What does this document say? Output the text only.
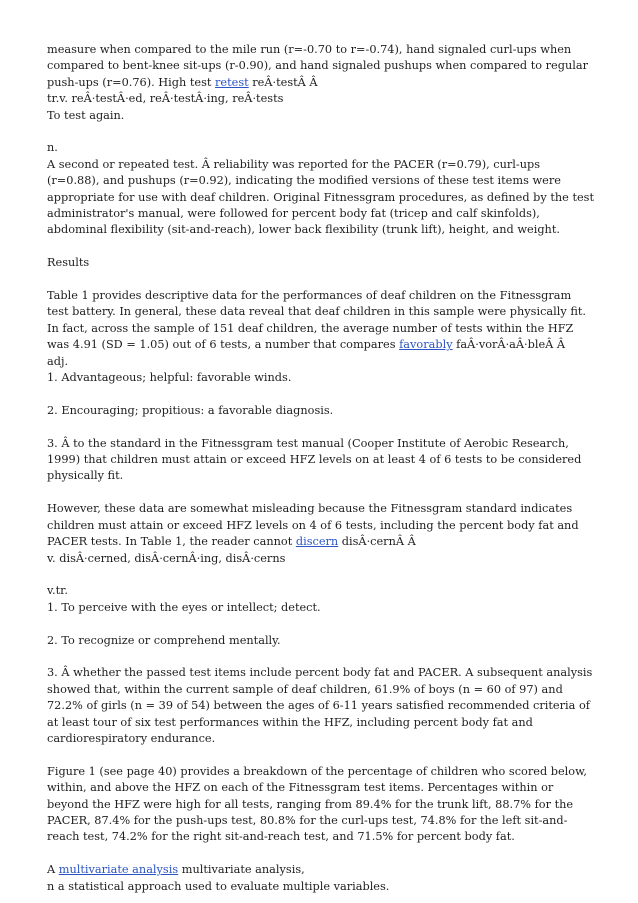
measure when compared to the mile run (r=-0.70 to r=-0.74), hand signaled curl-ups when compared to bent-knee sit-ups (r-0.90), and hand signaled pushups when compared to regular push-ups (r=0.76). High test retest reÂ·testÂ Â

tr.v. reÂ·testÂ·ed, reÂ·testÂ·ing, reÂ·tests

To test again.

n.

A second or repeated test. Â reliability was reported for the PACER (r=0.79), curl-ups (r=0.88), and pushups (r=0.92), indicating the modified versions of these test items were appropriate for use with deaf children. Original Fitnessgram procedures, as defined by the test administrator's manual, were followed for percent body fat (tricep and calf skinfolds), abdominal flexibility (sit-and-reach), lower back flexibility (trunk lift), height, and weight.

Results

Table 1 provides descriptive data for the performances of deaf children on the Fitnessgram test battery. In general, these data reveal that deaf children in this sample were physically fit. In fact, across the sample of 151 deaf children, the average number of tests within the HFZ was 4.91 (SD = 1.05) out of 6 tests, a number that compares favorably faÂ·vorÂ·aÂ·bleÂ Â

adj.

1. Advantageous; helpful: favorable winds.

2. Encouraging; propitious: a favorable diagnosis.

3. Â to the standard in the Fitnessgram test manual (Cooper Institute of Aerobic Research, 1999) that children must attain or exceed HFZ levels on at least 4 of 6 tests to be considered physically fit.

However, these data are somewhat misleading because the Fitnessgram standard indicates children must attain or exceed HFZ levels on 4 of 6 tests, including the percent body fat and PACER tests. In Table 1, the reader cannot discern disÂ·cernÂ Â

v. disÂ·cerned, disÂ·cernÂ·ing, disÂ·cerns

v.tr.

1. To perceive with the eyes or intellect; detect.

2. To recognize or comprehend mentally.

3. Â whether the passed test items include percent body fat and PACER. A subsequent analysis showed that, within the current sample of deaf children, 61.9% of boys (n = 60 of 97) and 72.2% of girls (n = 39 of 54) between the ages of 6-11 years satisfied recommended criteria of at least tour of six test performances within the HFZ, including percent body fat and cardiorespiratory endurance.

Figure 1 (see page 40) provides a breakdown of the percentage of children who scored below, within, and above the HFZ on each of the Fitnessgram test items. Percentages within or beyond the HFZ were high for all tests, ranging from 89.4% for the trunk lift, 88.7% for the PACER, 87.4% for the push-ups test, 80.8% for the curl-ups test, 74.8% for the left sit-and-reach test, 74.2% for the right sit-and-reach test, and 71.5% for percent body fat.

A multivariate analysis multivariate analysis,

n a statistical approach used to evaluate multiple variables.
